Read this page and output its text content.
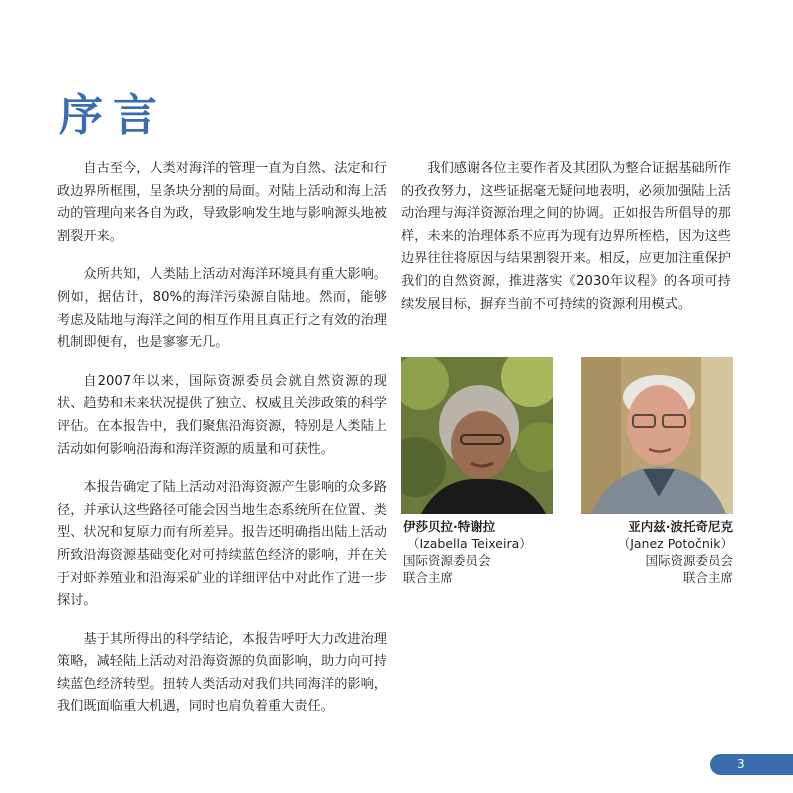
序言

自古至今，人类对海洋的管理一直为自然、法定和行政边界所框围，呈条块分割的局面。对陆上活动和海上活动的管理向来各自为政，导致影响发生地与影响源头地被割裂开来。

众所共知，人类陆上活动对海洋环境具有重大影响。例如，据估计，80%的海洋污染源自陆地。然而，能够考虑及陆地与海洋之间的相互作用且真正行之有效的治理机制即便有，也是寥寥无几。

自2007年以来，国际资源委员会就自然资源的现状、趋势和未来状况提供了独立、权威且关涉政策的科学评估。在本报告中，我们聚焦沿海资源，特别是人类陆上活动如何影响沿海和海洋资源的质量和可获性。

本报告确定了陆上活动对沿海资源产生影响的众多路径，并承认这些路径可能会因当地生态系统所在位置、类型、状况和复原力而有所差异。报告还明确指出陆上活动所致沿海资源基础变化对可持续蓝色经济的影响，并在关于对虾养殖业和沿海采矿业的详细评估中对此作了进一步探讨。

基于其所得出的科学结论，本报告呼吁大力改进治理策略，减轻陆上活动对沿海资源的负面影响，助力向可持续蓝色经济转型。扭转人类活动对我们共同海洋的影响，我们既面临重大机遇，同时也肩负着重大责任。

我们感谢各位主要作者及其团队为整合证据基础所作的孜孜努力，这些证据毫无疑问地表明，必须加强陆上活动治理与海洋资源治理之间的协调。正如报告所倡导的那样，未来的治理体系不应再为现有边界所桎梏，因为这些边界往往将原因与结果割裂开来。相反，应更加注重保护我们的自然资源，推进落实《2030年议程》的各项可持续发展目标，摒弃当前不可持续的资源利用模式。

伊莎贝拉·特谢拉
（Izabella Teixeira）
国际资源委员会
联合主席
亚内兹·波托奇尼克
（Janez Potočnik）
国际资源委员会
联合主席
3
